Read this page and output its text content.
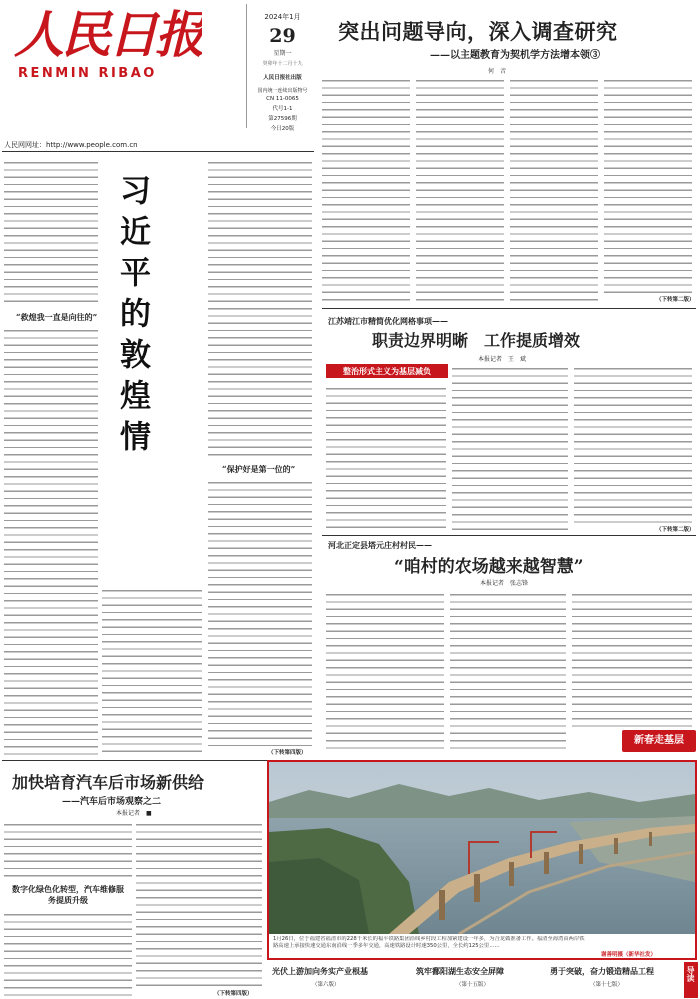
人民日报
RENMIN RIBAO
人民网网址：http://www.people.com.cn
2024年1月
29
星期一
癸卯年十二月十九
人民日报社出版
国内统一连续出版物号
CN 11-0065
代号1-1
第27596期
今日20版
突出问题导向，深入调查研究
——以主题教育为契机学方法增本领③
何　音
（下转第二版）
“救煌我一直是向往的” 习近平的敦煌情
“保护好是第一位的”
（下转第四版）
江苏靖江市精简优化网格事项——
职责边界明晰　工作提质增效
本报记者　王　斌
整治形式主义为基层减负
（下转第二版）
河北正定县塔元庄村村民——
“咱村的农场越来越智慧”
本报记者　张志锋
新春走基层
加快培育汽车后市场新供给
——汽车后市场观察之二
本报记者　■
数字化绿色化转型，汽车维修服务提质升级
（下转第四版）
1月26日，位于福建省福清市的228千米长的福平铁路集团沿线乡村段工程加紧建设一年多，为合龙做准备工作。福清至海湾由两岸铁路高速上承接快速交通东南沿线一季多年交通，高速铁路设计时速350公里，全长约125公里……
谢善明摄（新华社发）
光伏上游加向务实产业根基
（第六版）
筑牢鄱阳湖生态安全屏障
（第十五版）
勇于突破，奋力锻造精品工程
（第十七版）
导读
